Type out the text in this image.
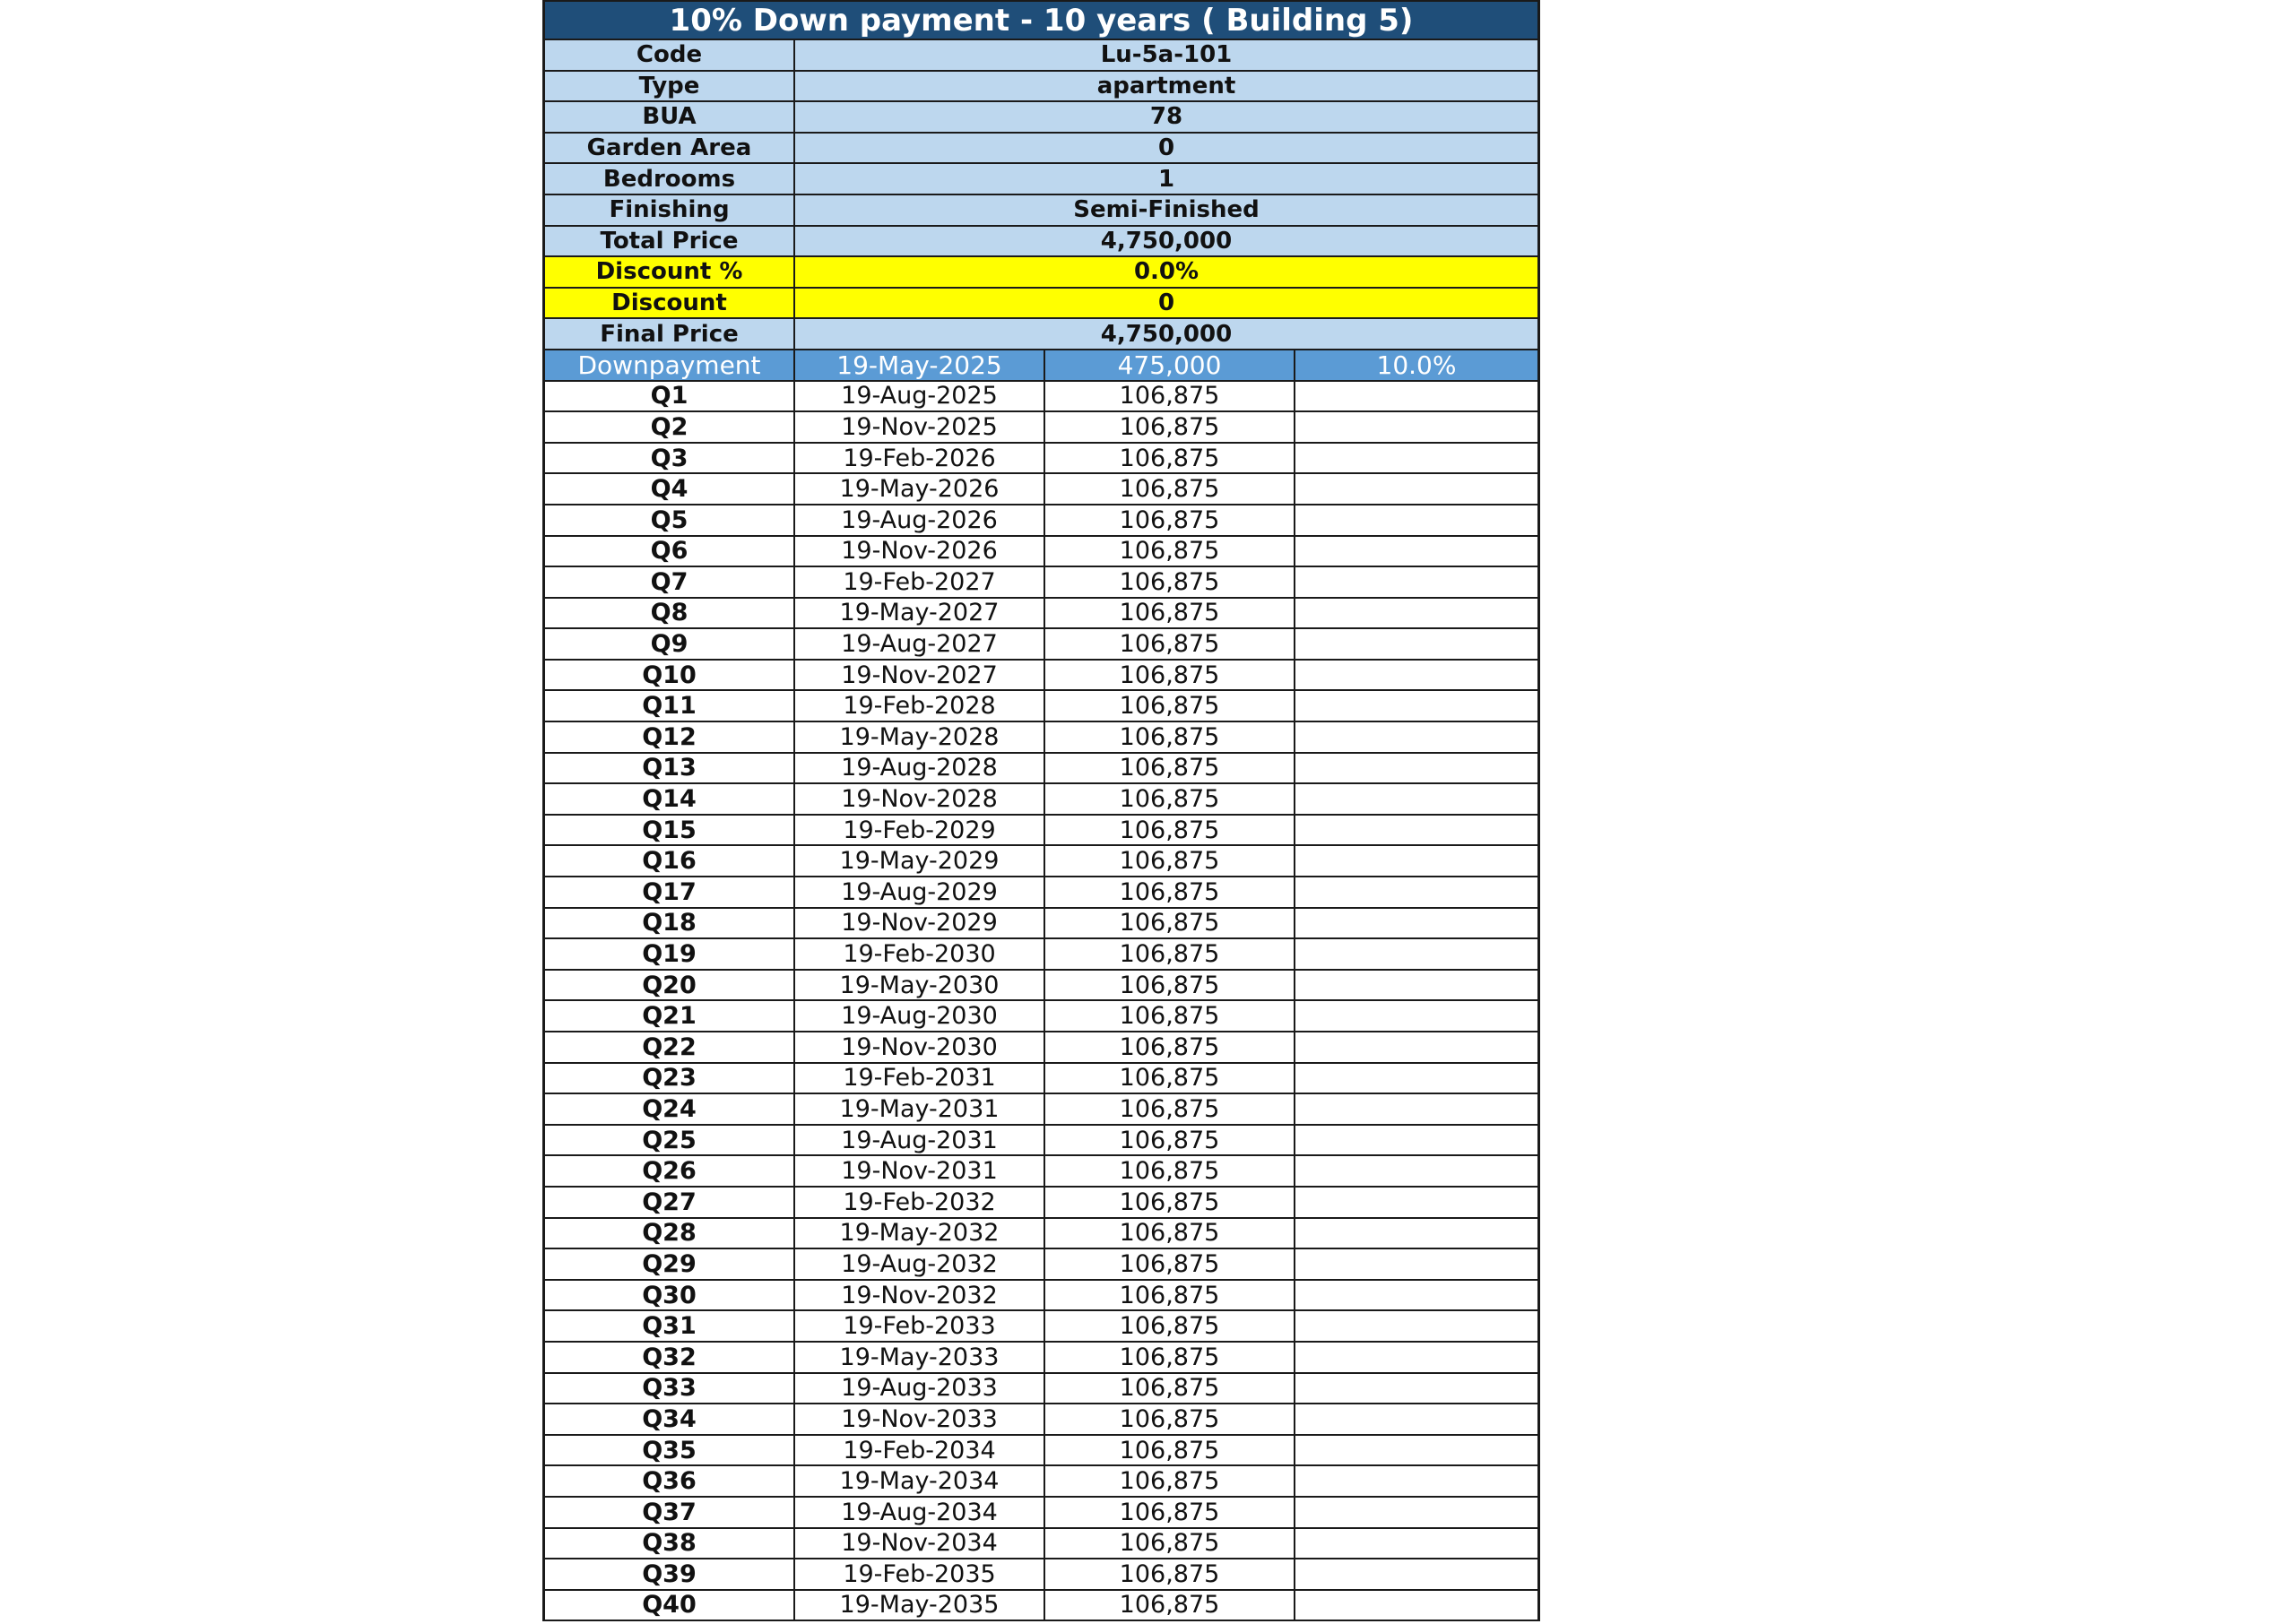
10% Down payment - 10 years ( Building 5)
Code	Lu-5a-101
Type	apartment
BUA	78
Garden Area	0
Bedrooms	1
Finishing	Semi-Finished
Total Price	4,750,000
Discount %	0.0%
Discount	0
Final Price	4,750,000
Downpayment	19-May-2025	475,000	10.0%
Q1	19-Aug-2025	106,875
Q2	19-Nov-2025	106,875
Q3	19-Feb-2026	106,875
Q4	19-May-2026	106,875
Q5	19-Aug-2026	106,875
Q6	19-Nov-2026	106,875
Q7	19-Feb-2027	106,875
Q8	19-May-2027	106,875
Q9	19-Aug-2027	106,875
Q10	19-Nov-2027	106,875
Q11	19-Feb-2028	106,875
Q12	19-May-2028	106,875
Q13	19-Aug-2028	106,875
Q14	19-Nov-2028	106,875
Q15	19-Feb-2029	106,875
Q16	19-May-2029	106,875
Q17	19-Aug-2029	106,875
Q18	19-Nov-2029	106,875
Q19	19-Feb-2030	106,875
Q20	19-May-2030	106,875
Q21	19-Aug-2030	106,875
Q22	19-Nov-2030	106,875
Q23	19-Feb-2031	106,875
Q24	19-May-2031	106,875
Q25	19-Aug-2031	106,875
Q26	19-Nov-2031	106,875
Q27	19-Feb-2032	106,875
Q28	19-May-2032	106,875
Q29	19-Aug-2032	106,875
Q30	19-Nov-2032	106,875
Q31	19-Feb-2033	106,875
Q32	19-May-2033	106,875
Q33	19-Aug-2033	106,875
Q34	19-Nov-2033	106,875
Q35	19-Feb-2034	106,875
Q36	19-May-2034	106,875
Q37	19-Aug-2034	106,875
Q38	19-Nov-2034	106,875
Q39	19-Feb-2035	106,875
Q40	19-May-2035	106,875
